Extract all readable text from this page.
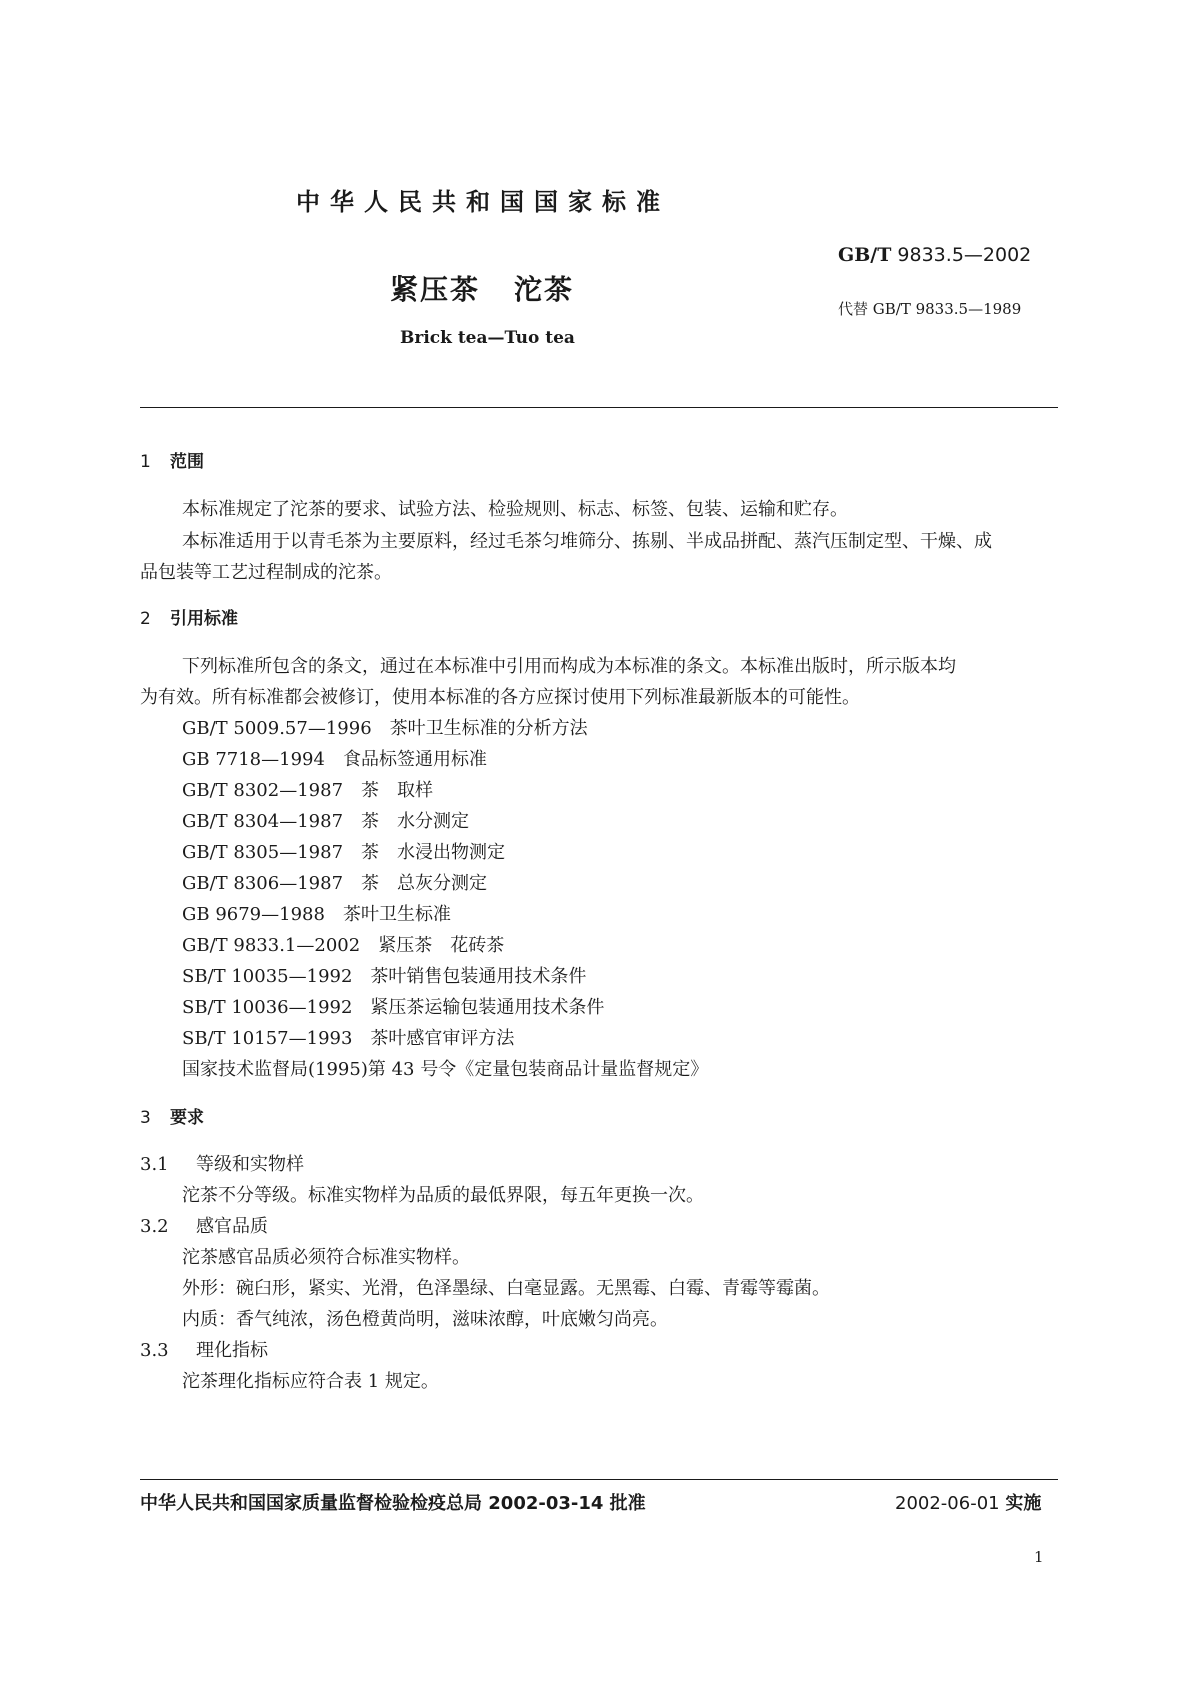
中华人民共和国国家标准
GB/T 9833.5—2002
紧压茶 沱茶
代替 GB/T 9833.5—1989
Brick tea—Tuo tea
1 范围
本标准规定了沱茶的要求、试验方法、检验规则、标志、标签、包装、运输和贮存。
本标准适用于以青毛茶为主要原料，经过毛茶匀堆筛分、拣剔、半成品拼配、蒸汽压制定型、干燥、成
品包装等工艺过程制成的沱茶。
2 引用标准
下列标准所包含的条文，通过在本标准中引用而构成为本标准的条文。本标准出版时，所示版本均
为有效。所有标准都会被修订，使用本标准的各方应探讨使用下列标准最新版本的可能性。
GB/T 5009.57—1996　茶叶卫生标准的分析方法
GB 7718—1994　食品标签通用标准
GB/T 8302—1987　茶　取样
GB/T 8304—1987　茶　水分测定
GB/T 8305—1987　茶　水浸出物测定
GB/T 8306—1987　茶　总灰分测定
GB 9679—1988　茶叶卫生标准
GB/T 9833.1—2002　紧压茶　花砖茶
SB/T 10035—1992　茶叶销售包装通用技术条件
SB/T 10036—1992　紧压茶运输包装通用技术条件
SB/T 10157—1993　茶叶感官审评方法
国家技术监督局(1995)第 43 号令《定量包装商品计量监督规定》
3 要求
3.1 等级和实物样
沱茶不分等级。标准实物样为品质的最低界限，每五年更换一次。
3.2 感官品质
沱茶感官品质必须符合标准实物样。
外形：碗臼形，紧实、光滑，色泽墨绿、白毫显露。无黑霉、白霉、青霉等霉菌。
内质：香气纯浓，汤色橙黄尚明，滋味浓醇，叶底嫩匀尚亮。
3.3 理化指标
沱茶理化指标应符合表 1 规定。
中华人民共和国国家质量监督检验检疫总局 2002-03-14 批准	2002-06-01 实施
1
